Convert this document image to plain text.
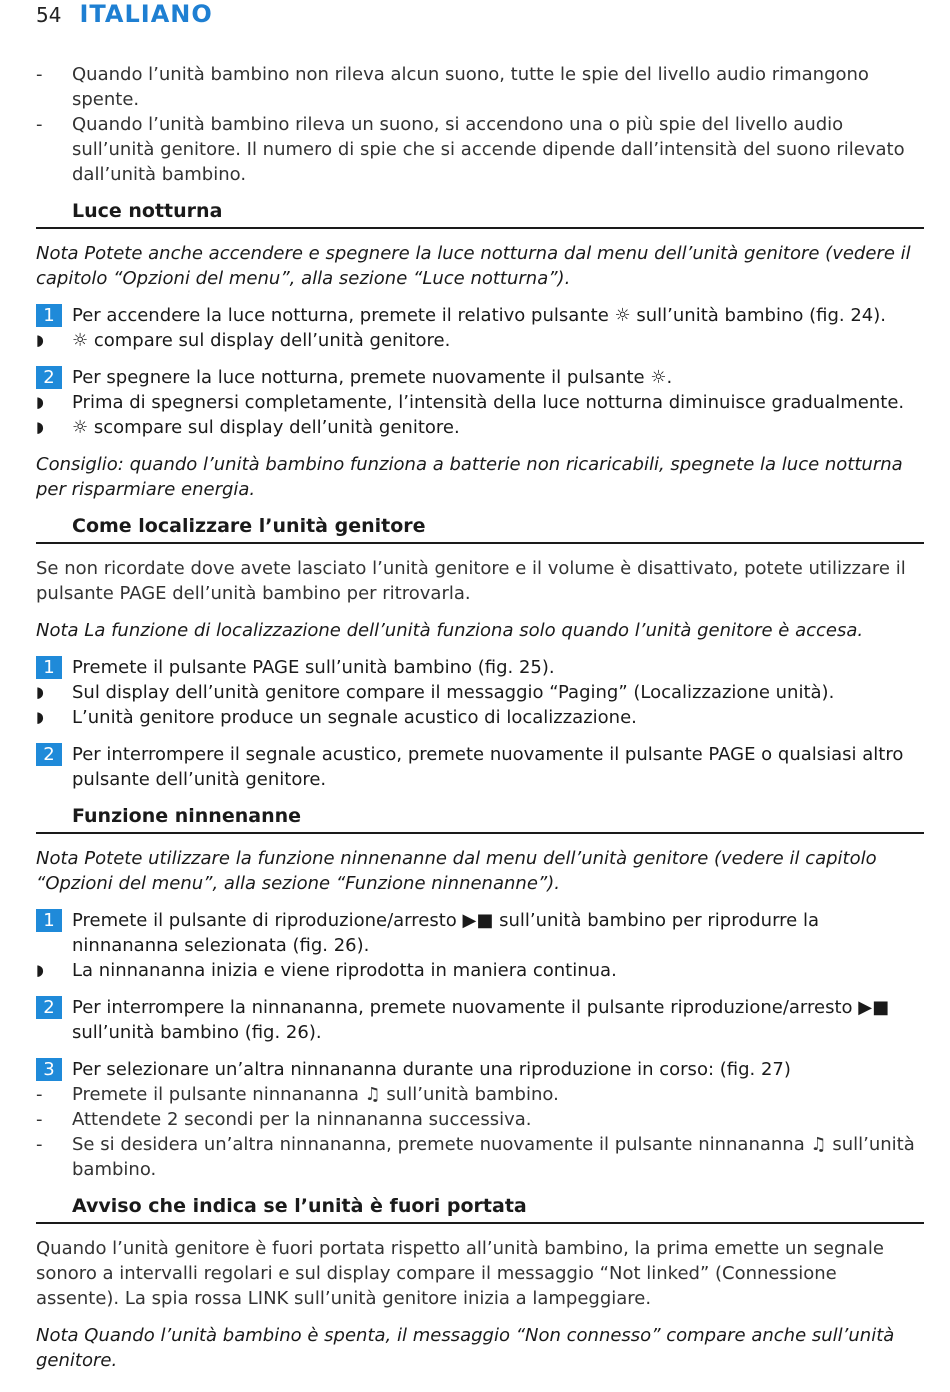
54 ITALIANO
-	Quando l’unità bambino non rileva alcun suono, tutte le spie del livello audio rimangono spente.
-	Quando l’unità bambino rileva un suono, si accendono una o più spie del livello audio sull’unità genitore. Il numero di spie che si accende dipende dall’intensità del suono rilevato dall’unità bambino.
Luce notturna
Nota Potete anche accendere e spegnere la luce notturna dal menu dell’unità genitore (vedere il capitolo “Opzioni del menu”, alla sezione “Luce notturna”).
1 Per accendere la luce notturna, premete il relativo pulsante ☼ sull’unità bambino (fig. 24).
◗	☼ compare sul display dell’unità genitore.
2 Per spegnere la luce notturna, premete nuovamente il pulsante ☼.
◗	Prima di spegnersi completamente, l’intensità della luce notturna diminuisce gradualmente.
◗	☼ scompare sul display dell’unità genitore.
Consiglio: quando l’unità bambino funziona a batterie non ricaricabili, spegnete la luce notturna per risparmiare energia.
Come localizzare l’unità genitore
Se non ricordate dove avete lasciato l’unità genitore e il volume è disattivato, potete utilizzare il pulsante PAGE dell’unità bambino per ritrovarla.
Nota La funzione di localizzazione dell’unità funziona solo quando l’unità genitore è accesa.
1 Premete il pulsante PAGE sull’unità bambino (fig. 25).
◗	Sul display dell’unità genitore compare il messaggio “Paging” (Localizzazione unità).
◗	L’unità genitore produce un segnale acustico di localizzazione.
2 Per interrompere il segnale acustico, premete nuovamente il pulsante PAGE o qualsiasi altro pulsante dell’unità genitore.
Funzione ninnenanne
Nota Potete utilizzare la funzione ninnenanne dal menu dell’unità genitore (vedere il capitolo “Opzioni del menu”, alla sezione “Funzione ninnenanne”).
1 Premete il pulsante di riproduzione/arresto ▶■ sull’unità bambino per riprodurre la ninnananna selezionata (fig. 26).
◗	La ninnananna inizia e viene riprodotta in maniera continua.
2 Per interrompere la ninnananna, premete nuovamente il pulsante riproduzione/arresto ▶■ sull’unità bambino (fig. 26).
3 Per selezionare un’altra ninnananna durante una riproduzione in corso: (fig. 27)
-	Premete il pulsante ninnananna ♫ sull’unità bambino.
-	Attendete 2 secondi per la ninnananna successiva.
-	Se si desidera un’altra ninnananna, premete nuovamente il pulsante ninnananna ♫ sull’unità bambino.
Avviso che indica se l’unità è fuori portata
Quando l’unità genitore è fuori portata rispetto all’unità bambino, la prima emette un segnale sonoro a intervalli regolari e sul display compare il messaggio “Not linked” (Connessione assente). La spia rossa LINK sull’unità genitore inizia a lampeggiare.
Nota Quando l’unità bambino è spenta, il messaggio “Non connesso” compare anche sull’unità genitore.
